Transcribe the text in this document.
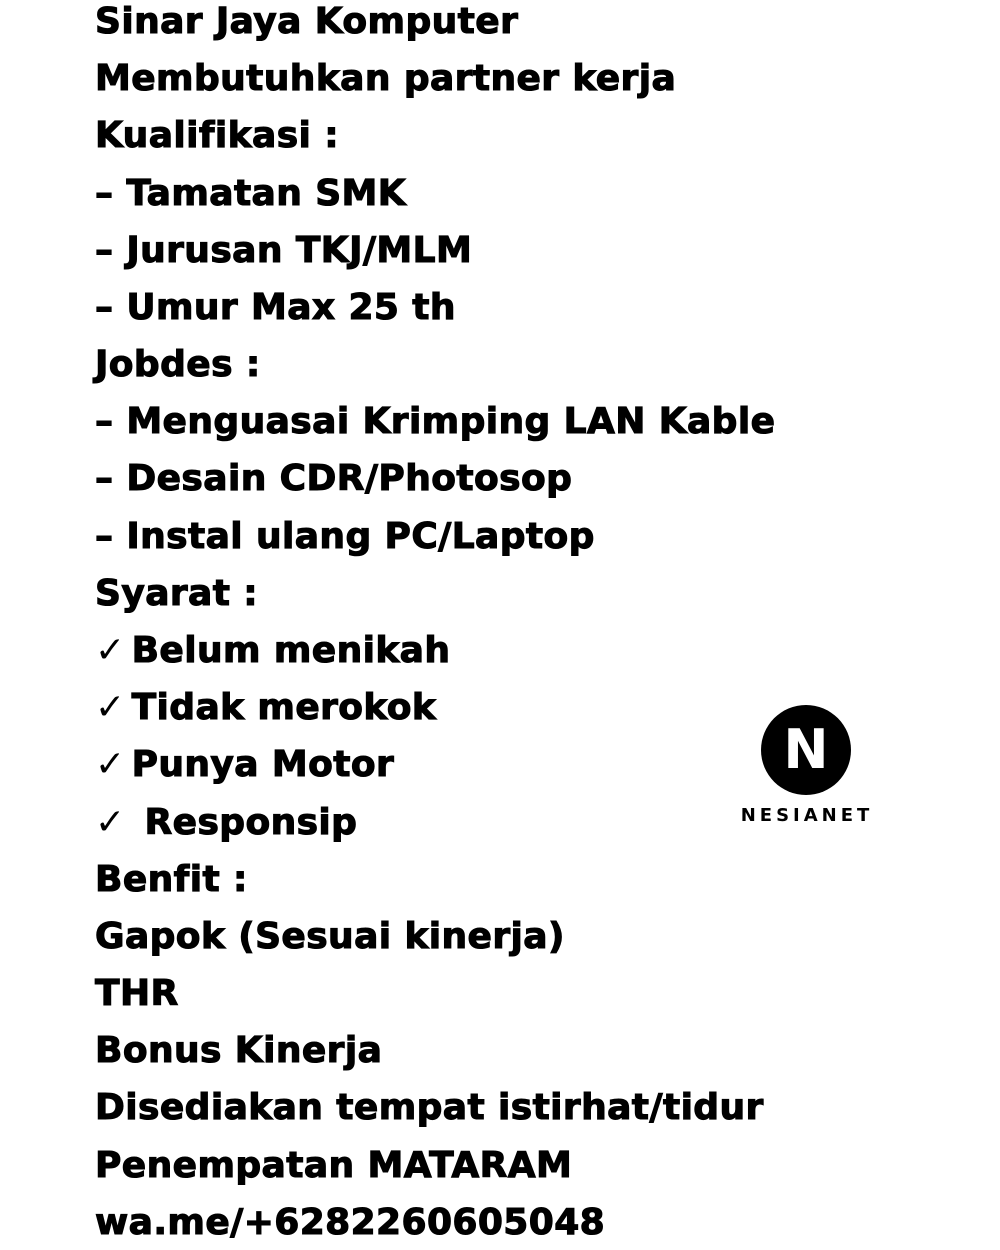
Sinar Jaya Komputer
Membutuhkan partner kerja
Kualifikasi :
– Tamatan SMK
– Jurusan TKJ/MLM
– Umur Max 25 th
Jobdes :
– Menguasai Krimping LAN Kable
– Desain CDR/Photosop
– Instal ulang PC/Laptop
Syarat :
✓ Belum menikah
✓ Tidak merokok
✓ Punya Motor
✓ Responsip
Benfit :
Gapok (Sesuai kinerja)
THR
Bonus Kinerja
Disediakan tempat istirhat/tidur
Penempatan MATARAM
wa.me/+6282260605048
N
NESIANET
